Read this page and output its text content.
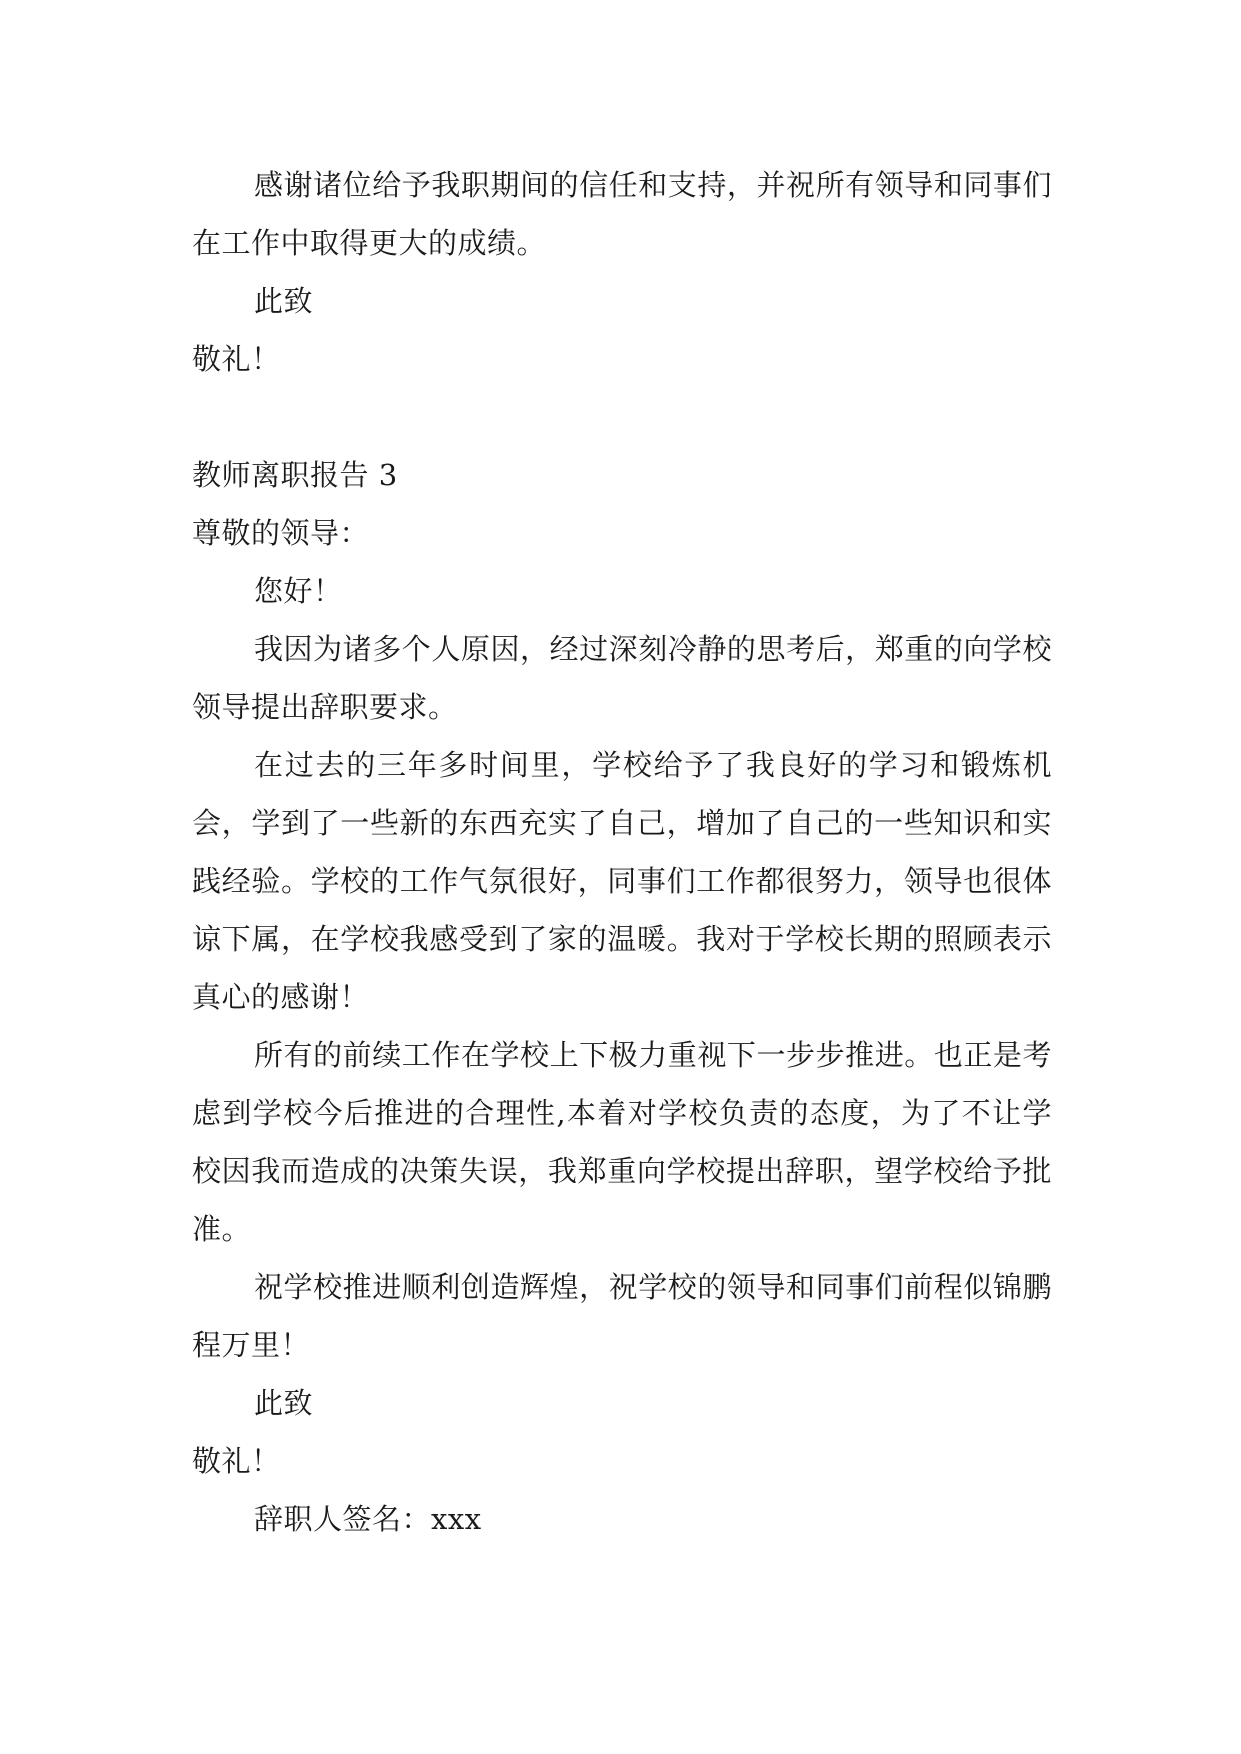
感谢诸位给予我职期间的信任和支持，并祝所有领导和同事们在工作中取得更大的成绩。

此致

敬礼！

教师离职报告 3

尊敬的领导：

您好！

我因为诸多个人原因，经过深刻冷静的思考后，郑重的向学校领导提出辞职要求。

在过去的三年多时间里，学校给予了我良好的学习和锻炼机会，学到了一些新的东西充实了自己，增加了自己的一些知识和实践经验。学校的工作气氛很好，同事们工作都很努力，领导也很体谅下属，在学校我感受到了家的温暖。我对于学校长期的照顾表示真心的感谢！

所有的前续工作在学校上下极力重视下一步步推进。也正是考虑到学校今后推进的合理性,本着对学校负责的态度，为了不让学校因我而造成的决策失误，我郑重向学校提出辞职，望学校给予批准。

祝学校推进顺利创造辉煌，祝学校的领导和同事们前程似锦鹏程万里！

此致

敬礼！

辞职人签名：xxx
